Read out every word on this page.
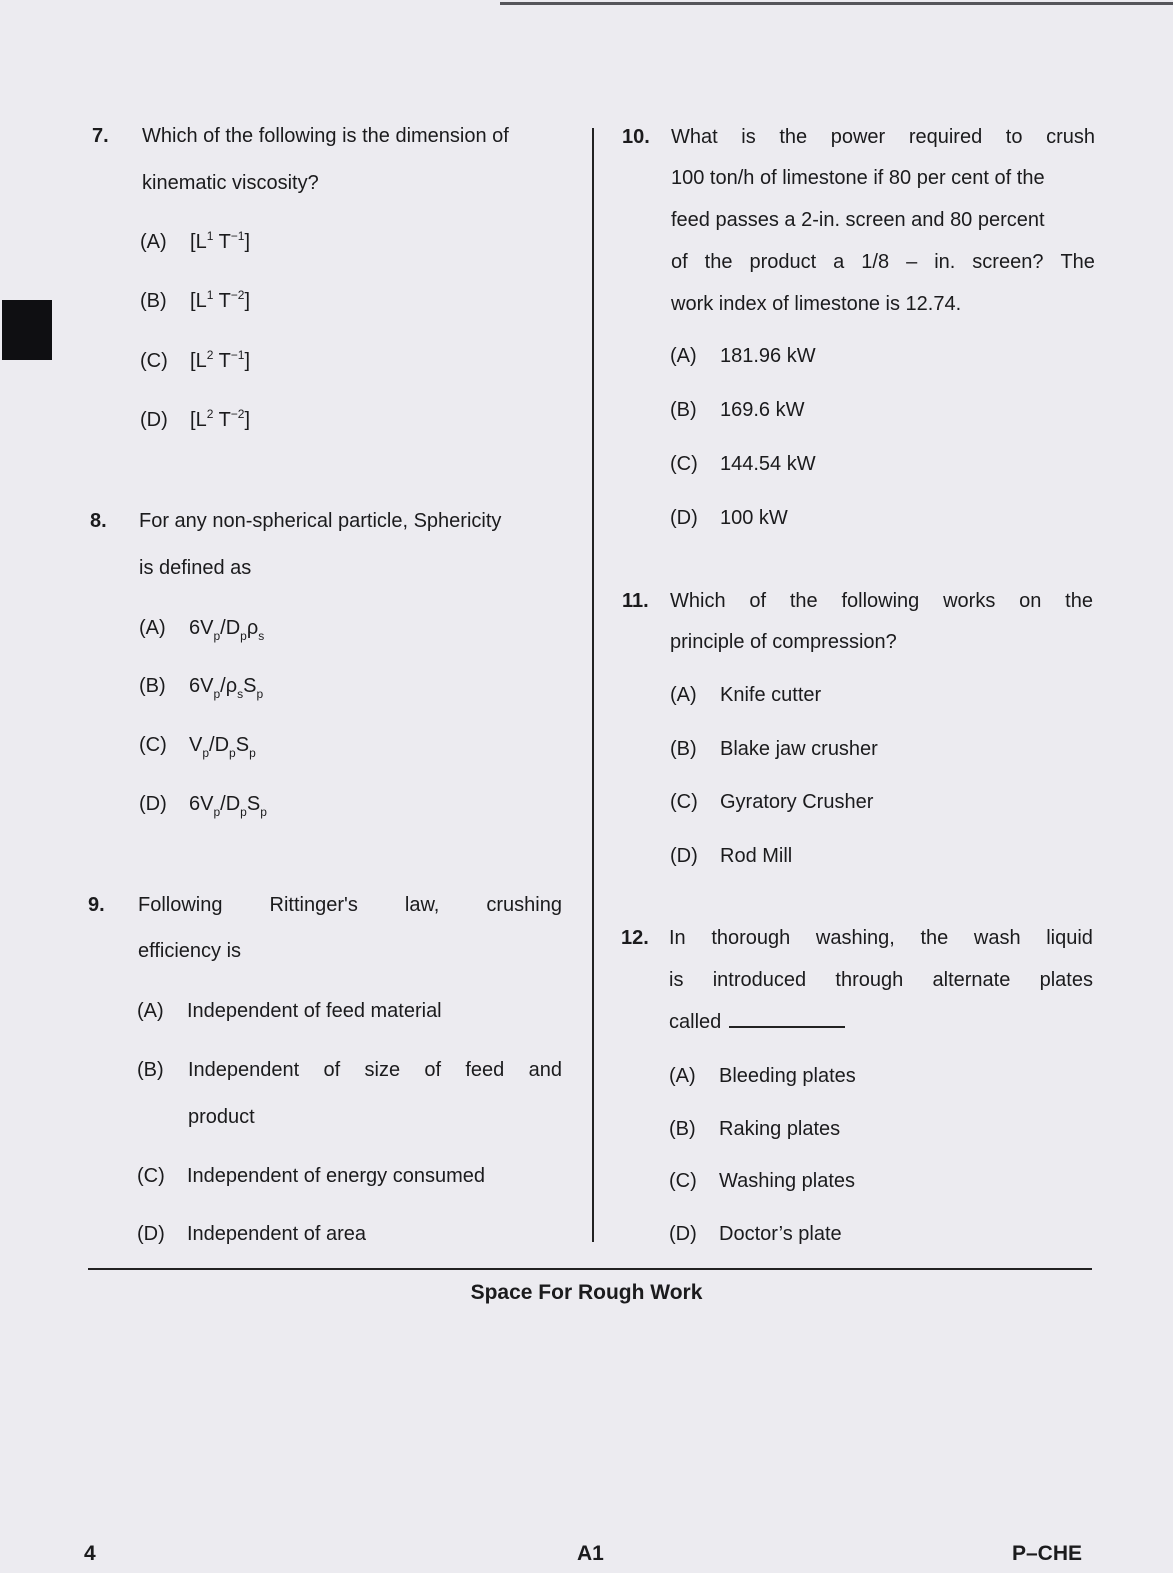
7. Which of the following is the dimension of
kinematic viscosity?
(A) [$L^1$ $T^{-1}$]
(B) [$L^1$ $T^{-2}$]
(C) [$L^2$ $T^{-1}$]
(D) [$L^2$ $T^{-2}$]
8. For any non-spherical particle, Sphericity
is defined as
(A) $6V_p/D_p\rho_s$
(B) $6V_p/\rho_sS_p$
(C) $V_p/D_pS_p$
(D) $6V_p/D_pS_p$
9. Following Rittinger's law, crushing
efficiency is
(A) Independent of feed material
(B)	Independent of size of feed and
product
(C) Independent of energy consumed
(D) Independent of area
10. What is the power required to crush
100 ton/h of limestone if 80 per cent of the
feed passes a 2-in. screen and 80 percent
of the product a 1/8 – in. screen? The
work index of limestone is 12.74.
(A) 181.96 kW
(B) 169.6 kW
(C) 144.54 kW
(D) 100 kW
11. Which of the following works on the
principle of compression?
(A) Knife cutter
(B) Blake jaw crusher
(C) Gyratory Crusher
(D) Rod Mill
12. In thorough washing, the wash liquid
is introduced through alternate plates
called
(A) Bleeding plates
(B) Raking plates
(C) Washing plates
(D) Doctor’s plate
Space For Rough Work
4	A1	P–CHE
